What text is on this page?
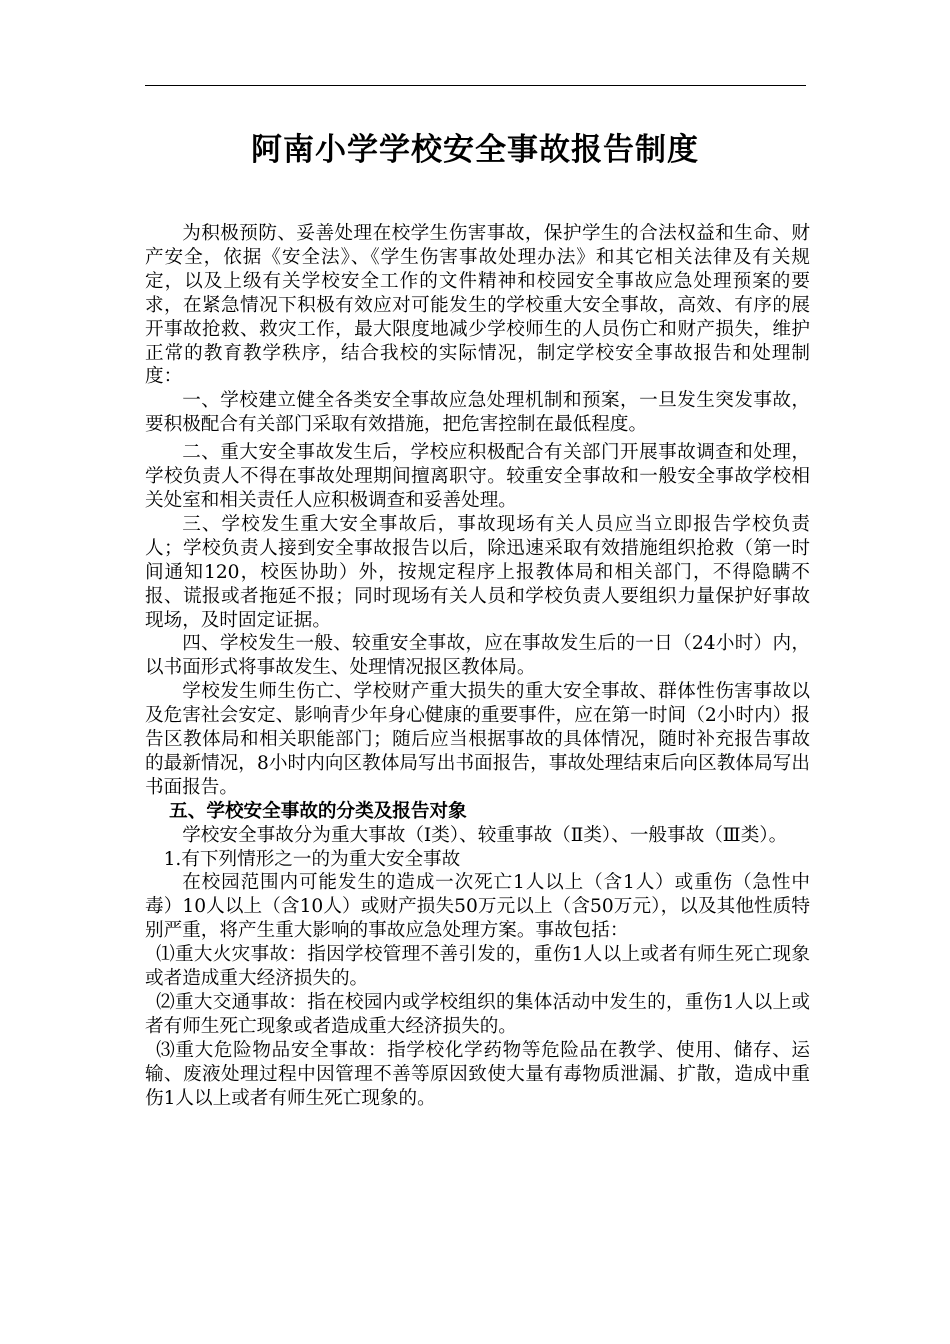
阿南小学学校安全事故报告制度

为积极预防、妥善处理在校学生伤害事故，保护学生的合法权益和生命、财产安全，依据《安全法》、《学生伤害事故处理办法》和其它相关法律及有关规定，以及上级有关学校安全工作的文件精神和校园安全事故应急处理预案的要求，在紧急情况下积极有效应对可能发生的学校重大安全事故，高效、有序的展开事故抢救、救灾工作，最大限度地减少学校师生的人员伤亡和财产损失，维护正常的教育教学秩序，结合我校的实际情况，制定学校安全事故报告和处理制度：

一、学校建立健全各类安全事故应急处理机制和预案，一旦发生突发事故，要积极配合有关部门采取有效措施，把危害控制在最低程度。

二、重大安全事故发生后，学校应积极配合有关部门开展事故调查和处理，学校负责人不得在事故处理期间擅离职守。较重安全事故和一般安全事故学校相关处室和相关责任人应积极调查和妥善处理。

三、学校发生重大安全事故后，事故现场有关人员应当立即报告学校负责人；学校负责人接到安全事故报告以后，除迅速采取有效措施组织抢救（第一时间通知120，校医协助）外，按规定程序上报教体局和相关部门，不得隐瞒不报、谎报或者拖延不报；同时现场有关人员和学校负责人要组织力量保护好事故现场，及时固定证据。

四、学校发生一般、较重安全事故，应在事故发生后的一日（24小时）内，以书面形式将事故发生、处理情况报区教体局。

学校发生师生伤亡、学校财产重大损失的重大安全事故、群体性伤害事故以及危害社会安定、影响青少年身心健康的重要事件，应在第一时间（2小时内）报告区教体局和相关职能部门；随后应当根据事故的具体情况，随时补充报告事故的最新情况，8小时内向区教体局写出书面报告，事故处理结束后向区教体局写出书面报告。

五、学校安全事故的分类及报告对象

学校安全事故分为重大事故（Ⅰ类）、较重事故（Ⅱ类）、一般事故（Ⅲ类）。

1.有下列情形之一的为重大安全事故

在校园范围内可能发生的造成一次死亡1人以上（含1人）或重伤（急性中毒）10人以上（含10人）或财产损失50万元以上（含50万元），以及其他性质特别严重，将产生重大影响的事故应急处理方案。事故包括：

⑴重大火灾事故：指因学校管理不善引发的，重伤1人以上或者有师生死亡现象或者造成重大经济损失的。

⑵重大交通事故：指在校园内或学校组织的集体活动中发生的，重伤1人以上或者有师生死亡现象或者造成重大经济损失的。

⑶重大危险物品安全事故：指学校化学药物等危险品在教学、使用、储存、运输、废液处理过程中因管理不善等原因致使大量有毒物质泄漏、扩散，造成中重伤1人以上或者有师生死亡现象的。
